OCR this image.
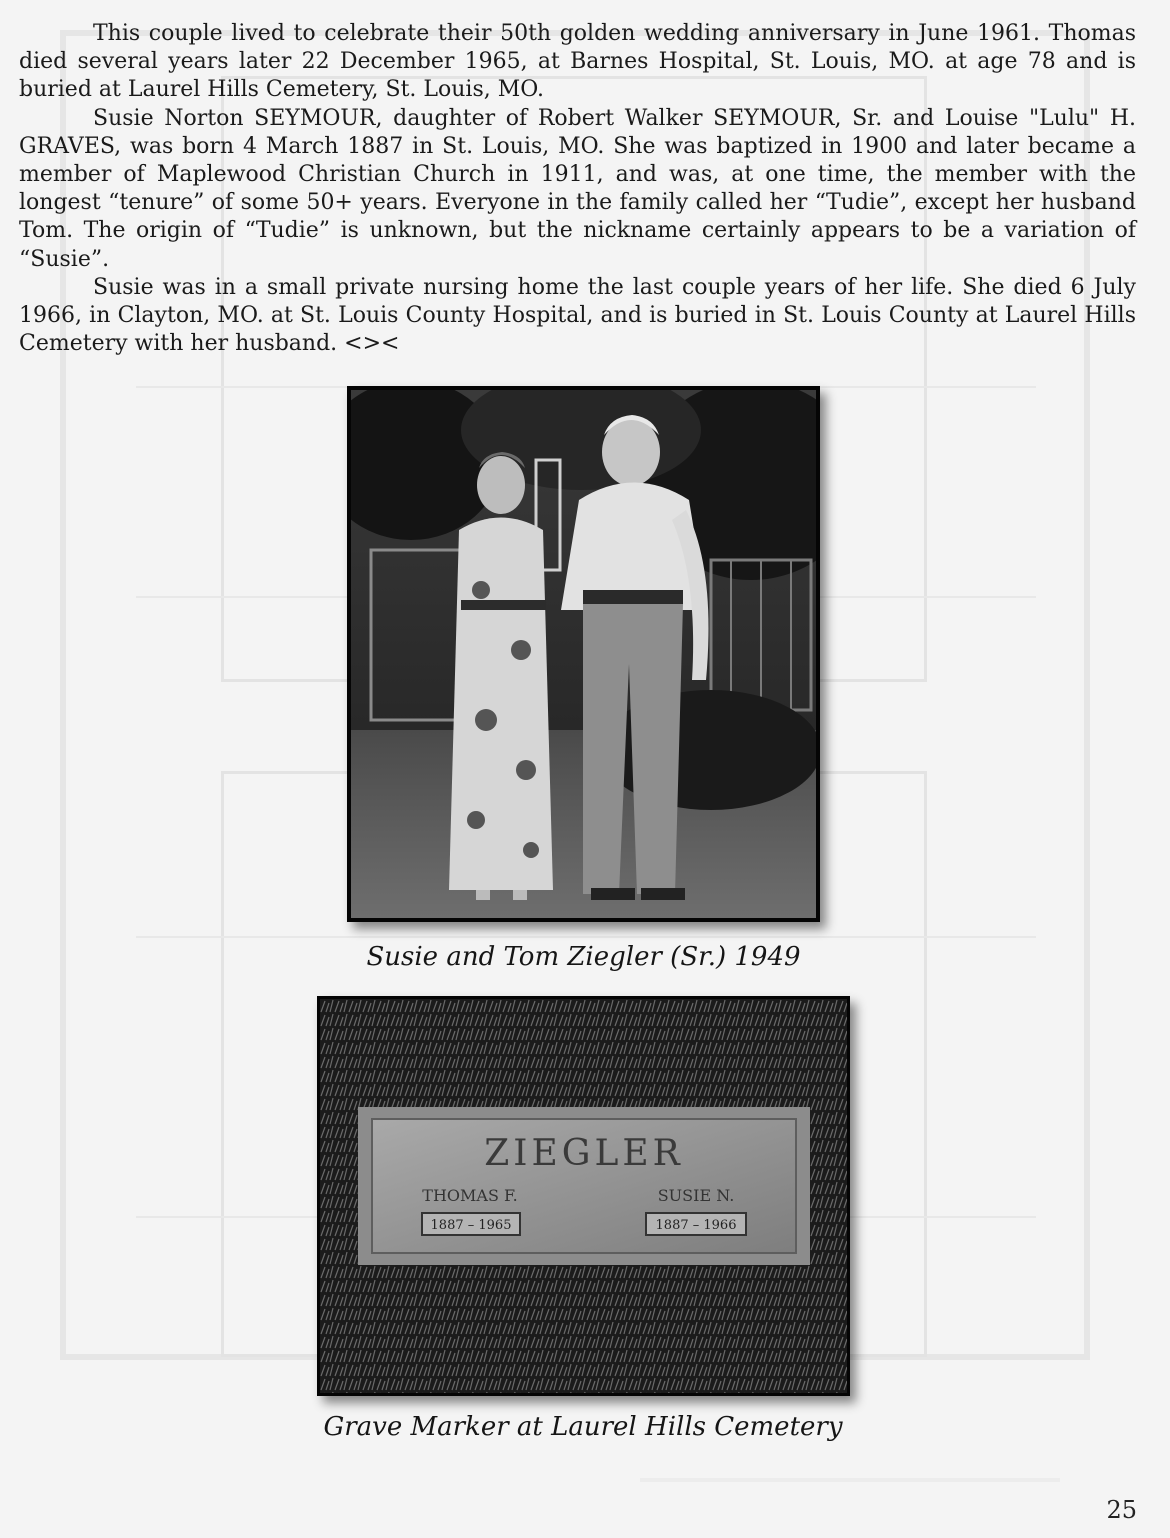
This couple lived to celebrate their 50th golden wedding anniversary in June 1961. Thomas died several years later 22 December 1965, at Barnes Hospital, St. Louis, MO. at age 78 and is buried at Laurel Hills Cemetery, St. Louis, MO.

Susie Norton SEYMOUR, daughter of Robert Walker SEYMOUR, Sr. and Louise "Lulu" H. GRAVES, was born 4 March 1887 in St. Louis, MO. She was baptized in 1900 and later became a member of Maplewood Christian Church in 1911, and was, at one time, the member with the longest “tenure” of some 50+ years. Everyone in the family called her “Tudie”, except her husband Tom. The origin of “Tudie” is unknown, but the nickname certainly appears to be a variation of “Susie”.

Susie was in a small private nursing home the last couple years of her life. She died 6 July 1966, in Clayton, MO. at St. Louis County Hospital, and is buried in St. Louis County at Laurel Hills Cemetery with her husband. <><

Susie and Tom Ziegler (Sr.) 1949
ZIEGLER
THOMAS F.	SUSIE N.
1887 – 1965	1887 – 1966
Grave Marker at Laurel Hills Cemetery
25
